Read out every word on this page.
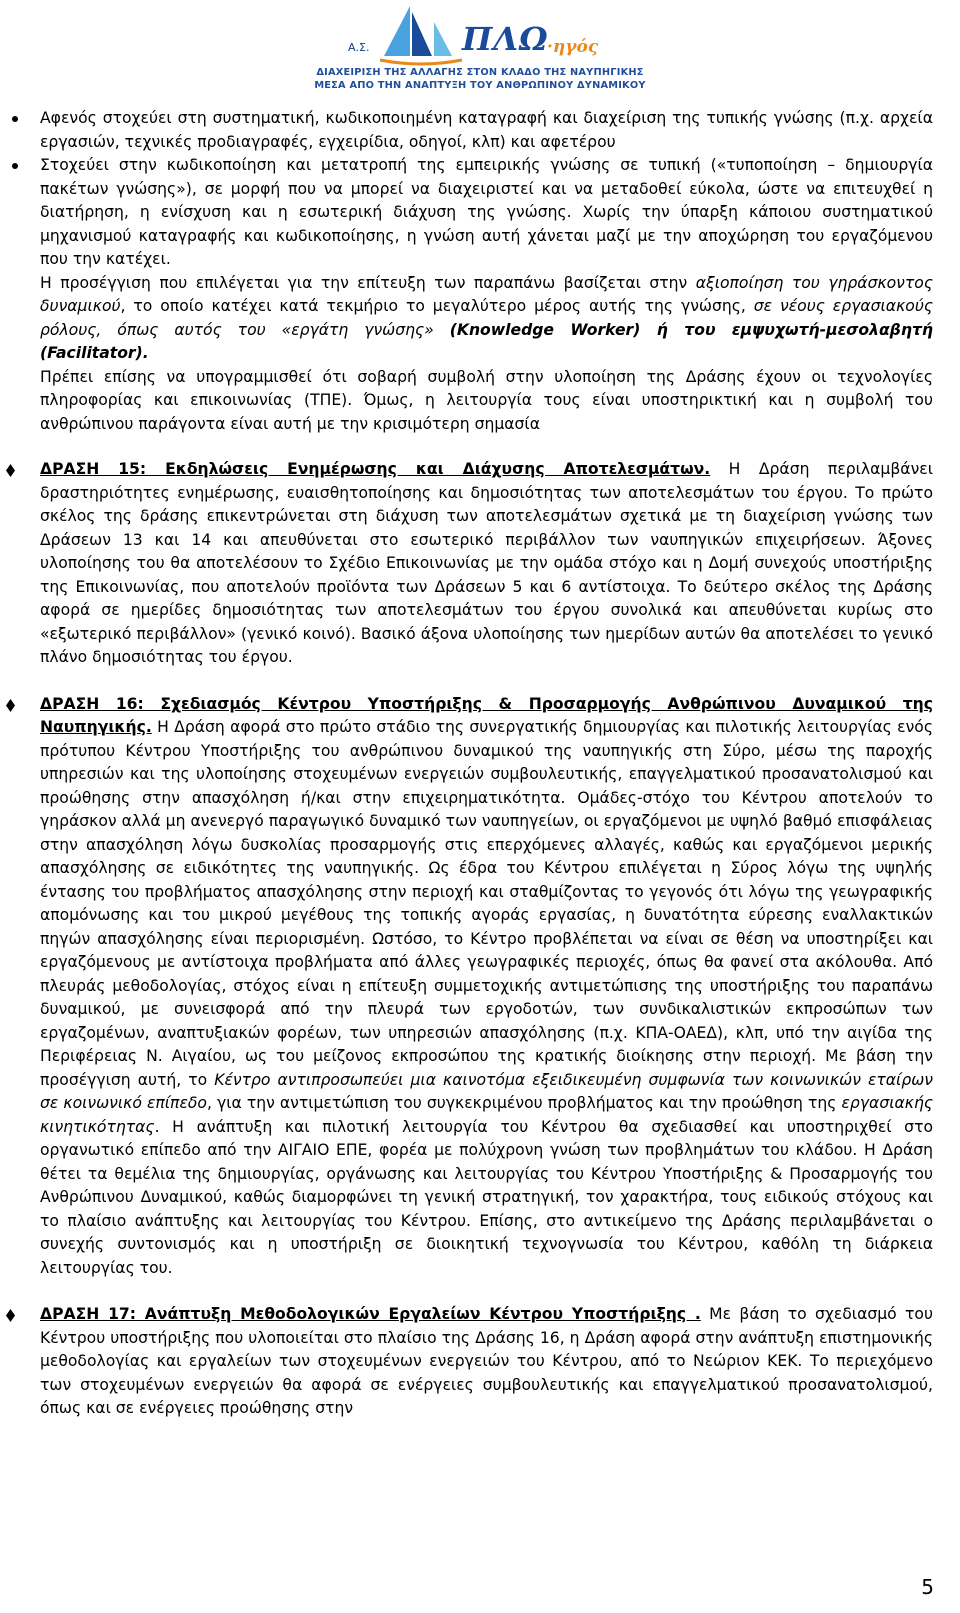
Α.Σ.	ΠΛΩ
·ηγός
ΔΙΑΧΕΙΡΙΣΗ ΤΗΣ ΑΛΛΑΓΗΣ ΣΤΟΝ ΚΛΑΔΟ ΤΗΣ ΝΑΥΠΗΓΙΚΗΣ
ΜΕΣΑ ΑΠΟ ΤΗΝ ΑΝΑΠΤΥΞΗ ΤΟΥ ΑΝΘΡΩΠΙΝΟΥ ΔΥΝΑΜΙΚΟΥ
Αφενός στοχεύει στη συστηματική, κωδικοποιημένη καταγραφή και διαχείριση της τυπικής γνώσης (π.χ. αρχεία εργασιών, τεχνικές προδιαγραφές, εγχειρίδια, οδηγοί, κλπ) και αφετέρου
Στοχεύει στην κωδικοποίηση και μετατροπή της εμπειρικής γνώσης σε τυπική («τυποποίηση – δημιουργία πακέτων γνώσης»), σε μορφή που να μπορεί να διαχειριστεί και να μεταδοθεί εύκολα, ώστε να επιτευχθεί η διατήρηση, η ενίσχυση και η εσωτερική διάχυση της γνώσης. Χωρίς την ύπαρξη κάποιου συστηματικού μηχανισμού καταγραφής και κωδικοποίησης, η γνώση αυτή χάνεται μαζί με την αποχώρηση του εργαζόμενου που την κατέχει.

Η προσέγγιση που επιλέγεται για την επίτευξη των παραπάνω βασίζεται στην αξιοποίηση του γηράσκοντος δυναμικού, το οποίο κατέχει κατά τεκμήριο το μεγαλύτερο μέρος αυτής της γνώσης, σε νέους εργασιακούς ρόλους, όπως αυτός του «εργάτη γνώσης» (Knowledge Worker) ή του εμψυχωτή-μεσολαβητή (Facilitator).

Πρέπει επίσης να υπογραμμισθεί ότι σοβαρή συμβολή στην υλοποίηση της Δράσης έχουν οι τεχνολογίες πληροφορίας και επικοινωνίας (ΤΠΕ). Όμως, η λειτουργία τους είναι υποστηρικτική και η συμβολή του ανθρώπινου παράγοντα είναι αυτή με την κρισιμότερη σημασία

ΔΡΑΣΗ 15: Εκδηλώσεις Ενημέρωσης και Διάχυσης Αποτελεσμάτων. Η Δράση περιλαμβάνει δραστηριότητες ενημέρωσης, ευαισθητοποίησης και δημοσιότητας των αποτελεσμάτων του έργου. Το πρώτο σκέλος της δράσης επικεντρώνεται στη διάχυση των αποτελεσμάτων σχετικά με τη διαχείριση γνώσης των Δράσεων 13 και 14 και απευθύνεται στο εσωτερικό περιβάλλον των ναυπηγικών επιχειρήσεων. Άξονες υλοποίησης του θα αποτελέσουν το Σχέδιο Επικοινωνίας με την ομάδα στόχο και η Δομή συνεχούς υποστήριξης της Επικοινωνίας, που αποτελούν προϊόντα των Δράσεων 5 και 6 αντίστοιχα. Το δεύτερο σκέλος της Δράσης αφορά σε ημερίδες δημοσιότητας των αποτελεσμάτων του έργου συνολικά και απευθύνεται κυρίως στο «εξωτερικό περιβάλλον» (γενικό κοινό). Βασικό άξονα υλοποίησης των ημερίδων αυτών θα αποτελέσει το γενικό πλάνο δημοσιότητας του έργου.

ΔΡΑΣΗ 16: Σχεδιασμός Κέντρου Υποστήριξης & Προσαρμογής Ανθρώπινου Δυναμικού της Ναυπηγικής. Η Δράση αφορά στο πρώτο στάδιο της συνεργατικής δημιουργίας και πιλοτικής λειτουργίας ενός πρότυπου Κέντρου Υποστήριξης του ανθρώπινου δυναμικού της ναυπηγικής στη Σύρο, μέσω της παροχής υπηρεσιών και της υλοποίησης στοχευμένων ενεργειών συμβουλευτικής, επαγγελματικού προσανατολισμού και προώθησης στην απασχόληση ή/και στην επιχειρηματικότητα. Ομάδες-στόχο του Κέντρου αποτελούν το γηράσκον αλλά μη ανενεργό παραγωγικό δυναμικό των ναυπηγείων, οι εργαζόμενοι με υψηλό βαθμό επισφάλειας στην απασχόληση λόγω δυσκολίας προσαρμογής στις επερχόμενες αλλαγές, καθώς και εργαζόμενοι μερικής απασχόλησης σε ειδικότητες της ναυπηγικής. Ως έδρα του Κέντρου επιλέγεται η Σύρος λόγω της υψηλής έντασης του προβλήματος απασχόλησης στην περιοχή και σταθμίζοντας το γεγονός ότι λόγω της γεωγραφικής απομόνωσης και του μικρού μεγέθους της τοπικής αγοράς εργασίας, η δυνατότητα εύρεσης εναλλακτικών πηγών απασχόλησης είναι περιορισμένη. Ωστόσο, το Κέντρο προβλέπεται να είναι σε θέση να υποστηρίξει και εργαζόμενους με αντίστοιχα προβλήματα από άλλες γεωγραφικές περιοχές, όπως θα φανεί στα ακόλουθα. Από πλευράς μεθοδολογίας, στόχος είναι η επίτευξη συμμετοχικής αντιμετώπισης της υποστήριξης του παραπάνω δυναμικού, με συνεισφορά από την πλευρά των εργοδοτών, των συνδικαλιστικών εκπροσώπων των εργαζομένων, αναπτυξιακών φορέων, των υπηρεσιών απασχόλησης (π.χ. ΚΠΑ-ΟΑΕΔ), κλπ, υπό την αιγίδα της Περιφέρειας Ν. Αιγαίου, ως του μείζονος εκπροσώπου της κρατικής διοίκησης στην περιοχή. Με βάση την προσέγγιση αυτή, το Κέντρο αντιπροσωπεύει μια καινοτόμα εξειδικευμένη συμφωνία των κοινωνικών εταίρων σε κοινωνικό επίπεδο, για την αντιμετώπιση του συγκεκριμένου προβλήματος και την προώθηση της εργασιακής κινητικότητας. Η ανάπτυξη και πιλοτική λειτουργία του Κέντρου θα σχεδιασθεί και υποστηριχθεί στο οργανωτικό επίπεδο από την ΑΙΓΑΙΟ ΕΠΕ, φορέα με πολύχρονη γνώση των προβλημάτων του κλάδου. Η Δράση θέτει τα θεμέλια της δημιουργίας, οργάνωσης και λειτουργίας του Κέντρου Υποστήριξης & Προσαρμογής του Ανθρώπινου Δυναμικού, καθώς διαμορφώνει τη γενική στρατηγική, τον χαρακτήρα, τους ειδικούς στόχους και το πλαίσιο ανάπτυξης και λειτουργίας του Κέντρου. Επίσης, στο αντικείμενο της Δράσης περιλαμβάνεται ο συνεχής συντονισμός και η υποστήριξη σε διοικητική τεχνογνωσία του Κέντρου, καθόλη τη διάρκεια λειτουργίας του.

ΔΡΑΣΗ 17: Ανάπτυξη Μεθοδολογικών Εργαλείων Κέντρου Υποστήριξης . Με βάση το σχεδιασμό του Κέντρου υποστήριξης που υλοποιείται στο πλαίσιο της Δράσης 16, η Δράση αφορά στην ανάπτυξη επιστημονικής μεθοδολογίας και εργαλείων των στοχευμένων ενεργειών του Κέντρου, από το Νεώριον ΚΕΚ. Το περιεχόμενο των στοχευμένων ενεργειών θα αφορά σε ενέργειες συμβουλευτικής και επαγγελματικού προσανατολισμού, όπως και σε ενέργειες προώθησης στην

5
